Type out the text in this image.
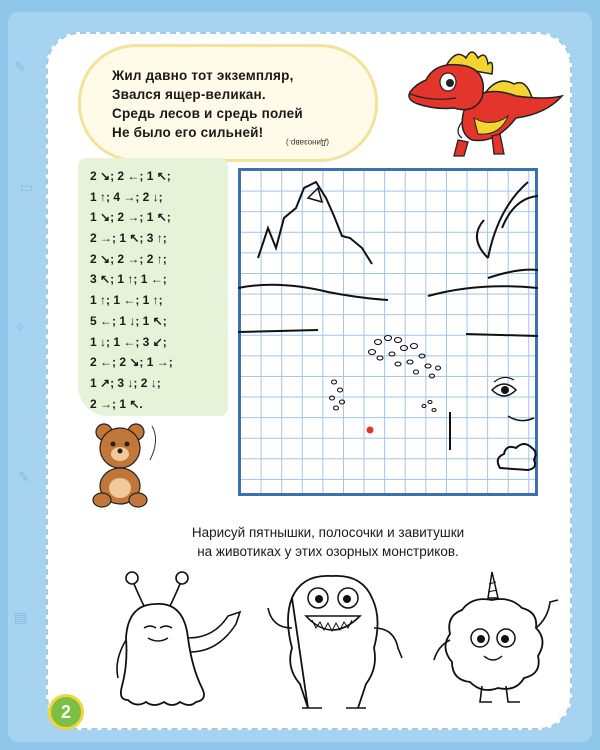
✎
▭
✧
✎
▤
Жил давно тот экземпляр,
Звался ящер-великан.
Средь лесов и средь полей
Не было его сильней!
(Динозавр.)
2 ↘; 2 ←; 1 ↖;
1 ↑; 4 →; 2 ↓;
1 ↘; 2 →; 1 ↖;
2 →; 1 ↖; 3 ↑;
2 ↘; 2 →; 2 ↑;
3 ↖; 1 ↑; 1 ←;
1 ↑; 1 ←; 1 ↑;
5 ←; 1 ↓; 1 ↖;
1 ↓; 1 ←; 3 ↙;
2 ←; 2 ↘; 1 →;
1 ↗; 3 ↓; 2 ↓;
2 →; 1 ↖.
Нарисуй пятнышки, полосочки и завитушки
на животиках у этих озорных монстриков.
2
